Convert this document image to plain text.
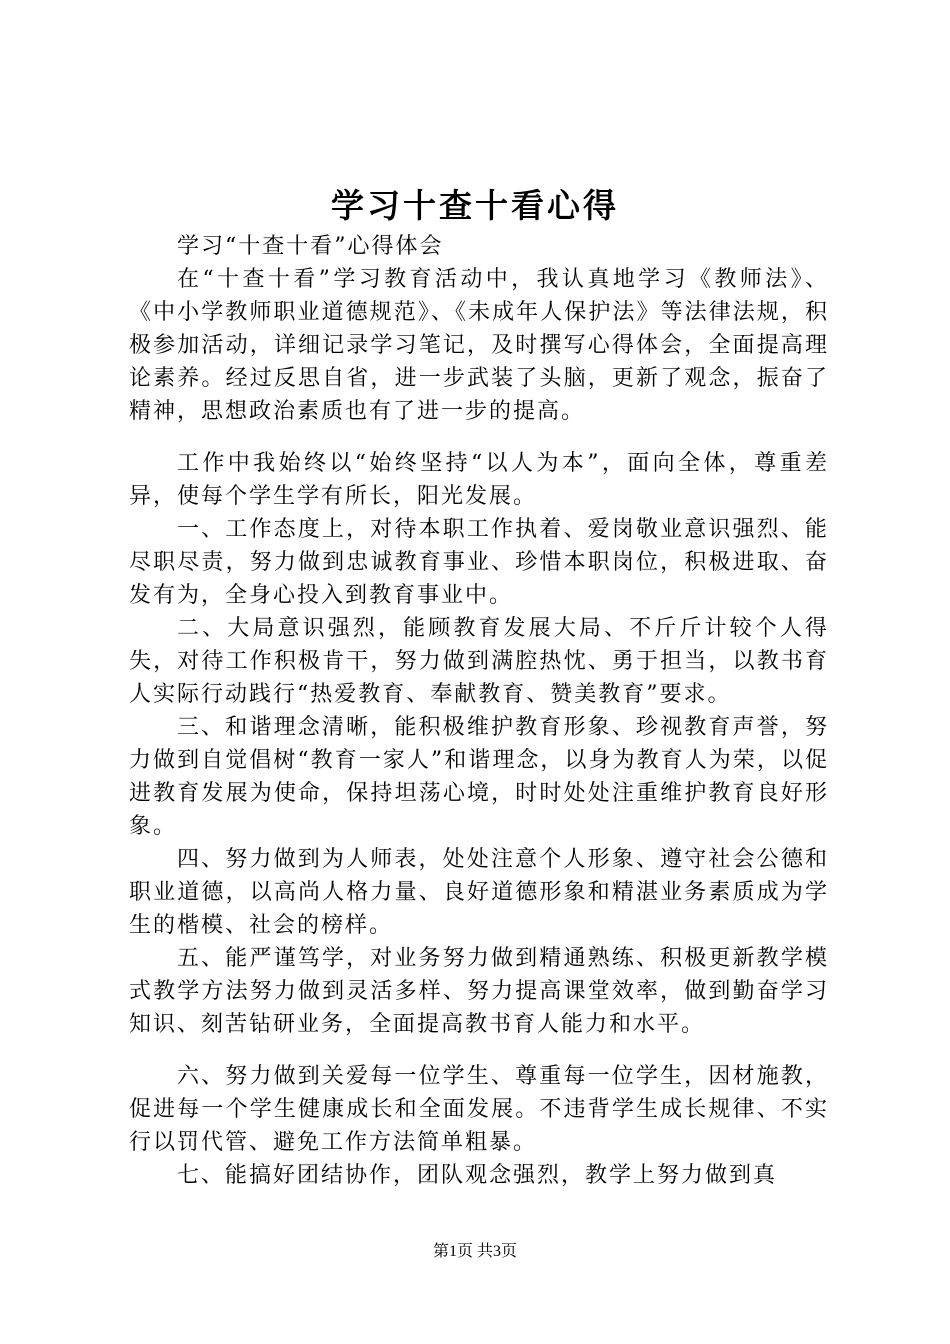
学习十查十看心得

学习“十查十看”心得体会

在“十查十看”学习教育活动中，我认真地学习《教师法》、《中小学教师职业道德规范》、《未成年人保护法》等法律法规，积极参加活动，详细记录学习笔记，及时撰写心得体会，全面提高理论素养。经过反思自省，进一步武装了头脑，更新了观念，振奋了精神，思想政治素质也有了进一步的提高。

工作中我始终以“始终坚持“以人为本”，面向全体，尊重差异，使每个学生学有所长，阳光发展。

一、工作态度上，对待本职工作执着、爱岗敬业意识强烈、能尽职尽责，努力做到忠诚教育事业、珍惜本职岗位，积极进取、奋发有为，全身心投入到教育事业中。

二、大局意识强烈，能顾教育发展大局、不斤斤计较个人得失，对待工作积极肯干，努力做到满腔热忱、勇于担当，以教书育人实际行动践行“热爱教育、奉献教育、赞美教育”要求。

三、和谐理念清晰，能积极维护教育形象、珍视教育声誉，努力做到自觉倡树“教育一家人”和谐理念，以身为教育人为荣，以促进教育发展为使命，保持坦荡心境，时时处处注重维护教育良好形象。

四、努力做到为人师表，处处注意个人形象、遵守社会公德和职业道德，以高尚人格力量、良好道德形象和精湛业务素质成为学生的楷模、社会的榜样。

五、能严谨笃学，对业务努力做到精通熟练、积极更新教学模式教学方法努力做到灵活多样、努力提高课堂效率，做到勤奋学习知识、刻苦钻研业务，全面提高教书育人能力和水平。

六、努力做到关爱每一位学生、尊重每一位学生，因材施教，促进每一个学生健康成长和全面发展。不违背学生成长规律、不实行以罚代管、避免工作方法简单粗暴。

七、能搞好团结协作，团队观念强烈，教学上努力做到真

第1页 共3页
